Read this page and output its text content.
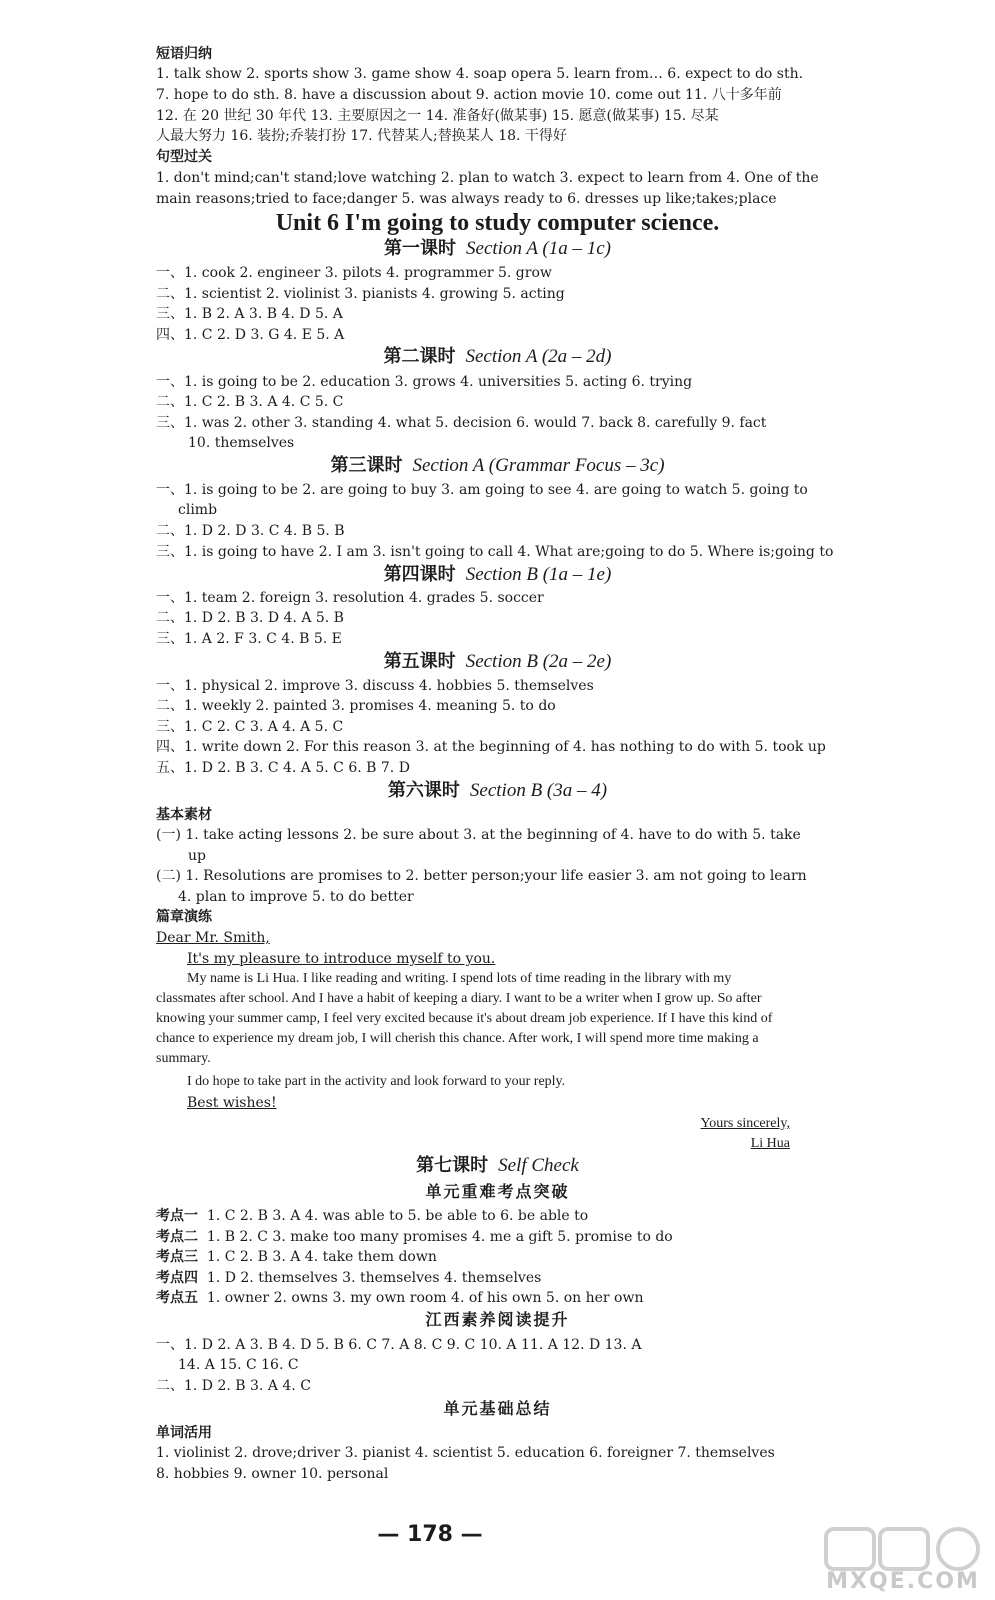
短语归纳
1. talk show 2. sports show 3. game show 4. soap opera 5. learn from… 6. expect to do sth.
7. hope to do sth. 8. have a discussion about 9. action movie 10. come out 11. 八十多年前
12. 在 20 世纪 30 年代 13. 主要原因之一 14. 准备好(做某事) 15. 愿意(做某事) 15. 尽某
人最大努力 16. 装扮;乔装打扮 17. 代替某人;替换某人 18. 干得好
句型过关
1. don't mind;can't stand;love watching 2. plan to watch 3. expect to learn from 4. One of the
main reasons;tried to face;danger 5. was always ready to 6. dresses up like;takes;place
Unit 6 I'm going to study computer science.
第一课时 Section A (1a – 1c)
一、1. cook 2. engineer 3. pilots 4. programmer 5. grow
二、1. scientist 2. violinist 3. pianists 4. growing 5. acting
三、1. B 2. A 3. B 4. D 5. A
四、1. C 2. D 3. G 4. E 5. A
第二课时 Section A (2a – 2d)
一、1. is going to be 2. education 3. grows 4. universities 5. acting 6. trying
二、1. C 2. B 3. A 4. C 5. C
三、1. was 2. other 3. standing 4. what 5. decision 6. would 7. back 8. carefully 9. fact
10. themselves
第三课时 Section A (Grammar Focus – 3c)
一、1. is going to be 2. are going to buy 3. am going to see 4. are going to watch 5. going to
climb
二、1. D 2. D 3. C 4. B 5. B
三、1. is going to have 2. I am 3. isn't going to call 4. What are;going to do 5. Where is;going to
第四课时 Section B (1a – 1e)
一、1. team 2. foreign 3. resolution 4. grades 5. soccer
二、1. D 2. B 3. D 4. A 5. B
三、1. A 2. F 3. C 4. B 5. E
第五课时 Section B (2a – 2e)
一、1. physical 2. improve 3. discuss 4. hobbies 5. themselves
二、1. weekly 2. painted 3. promises 4. meaning 5. to do
三、1. C 2. C 3. A 4. A 5. C
四、1. write down 2. For this reason 3. at the beginning of 4. has nothing to do with 5. took up
五、1. D 2. B 3. C 4. A 5. C 6. B 7. D
第六课时 Section B (3a – 4)
基本素材
(一) 1. take acting lessons 2. be sure about 3. at the beginning of 4. have to do with 5. take
up
(二) 1. Resolutions are promises to 2. better person;your life easier 3. am not going to learn
4. plan to improve 5. to do better
篇章演练
Dear Mr. Smith,
It's my pleasure to introduce myself to you.
My name is Li Hua. I like reading and writing. I spend lots of time reading in the library with my classmates after school. And I have a habit of keeping a diary. I want to be a writer when I grow up. So after knowing your summer camp, I feel very excited because it's about dream job experience. If I have this kind of chance to experience my dream job, I will cherish this chance. After work, I will spend more time making a summary.
I do hope to take part in the activity and look forward to your reply.
Best wishes!
Yours sincerely,
Li Hua
第七课时 Self Check
单元重难考点突破
考点一 1. C 2. B 3. A 4. was able to 5. be able to 6. be able to
考点二 1. B 2. C 3. make too many promises 4. me a gift 5. promise to do
考点三 1. C 2. B 3. A 4. take them down
考点四 1. D 2. themselves 3. themselves 4. themselves
考点五 1. owner 2. owns 3. my own room 4. of his own 5. on her own
江西素养阅读提升
一、1. D 2. A 3. B 4. D 5. B 6. C 7. A 8. C 9. C 10. A 11. A 12. D 13. A
14. A 15. C 16. C
二、1. D 2. B 3. A 4. C
单元基础总结
单词活用
1. violinist 2. drove;driver 3. pianist 4. scientist 5. education 6. foreigner 7. themselves
8. hobbies 9. owner 10. personal
— 178 —
MXQE.COM
